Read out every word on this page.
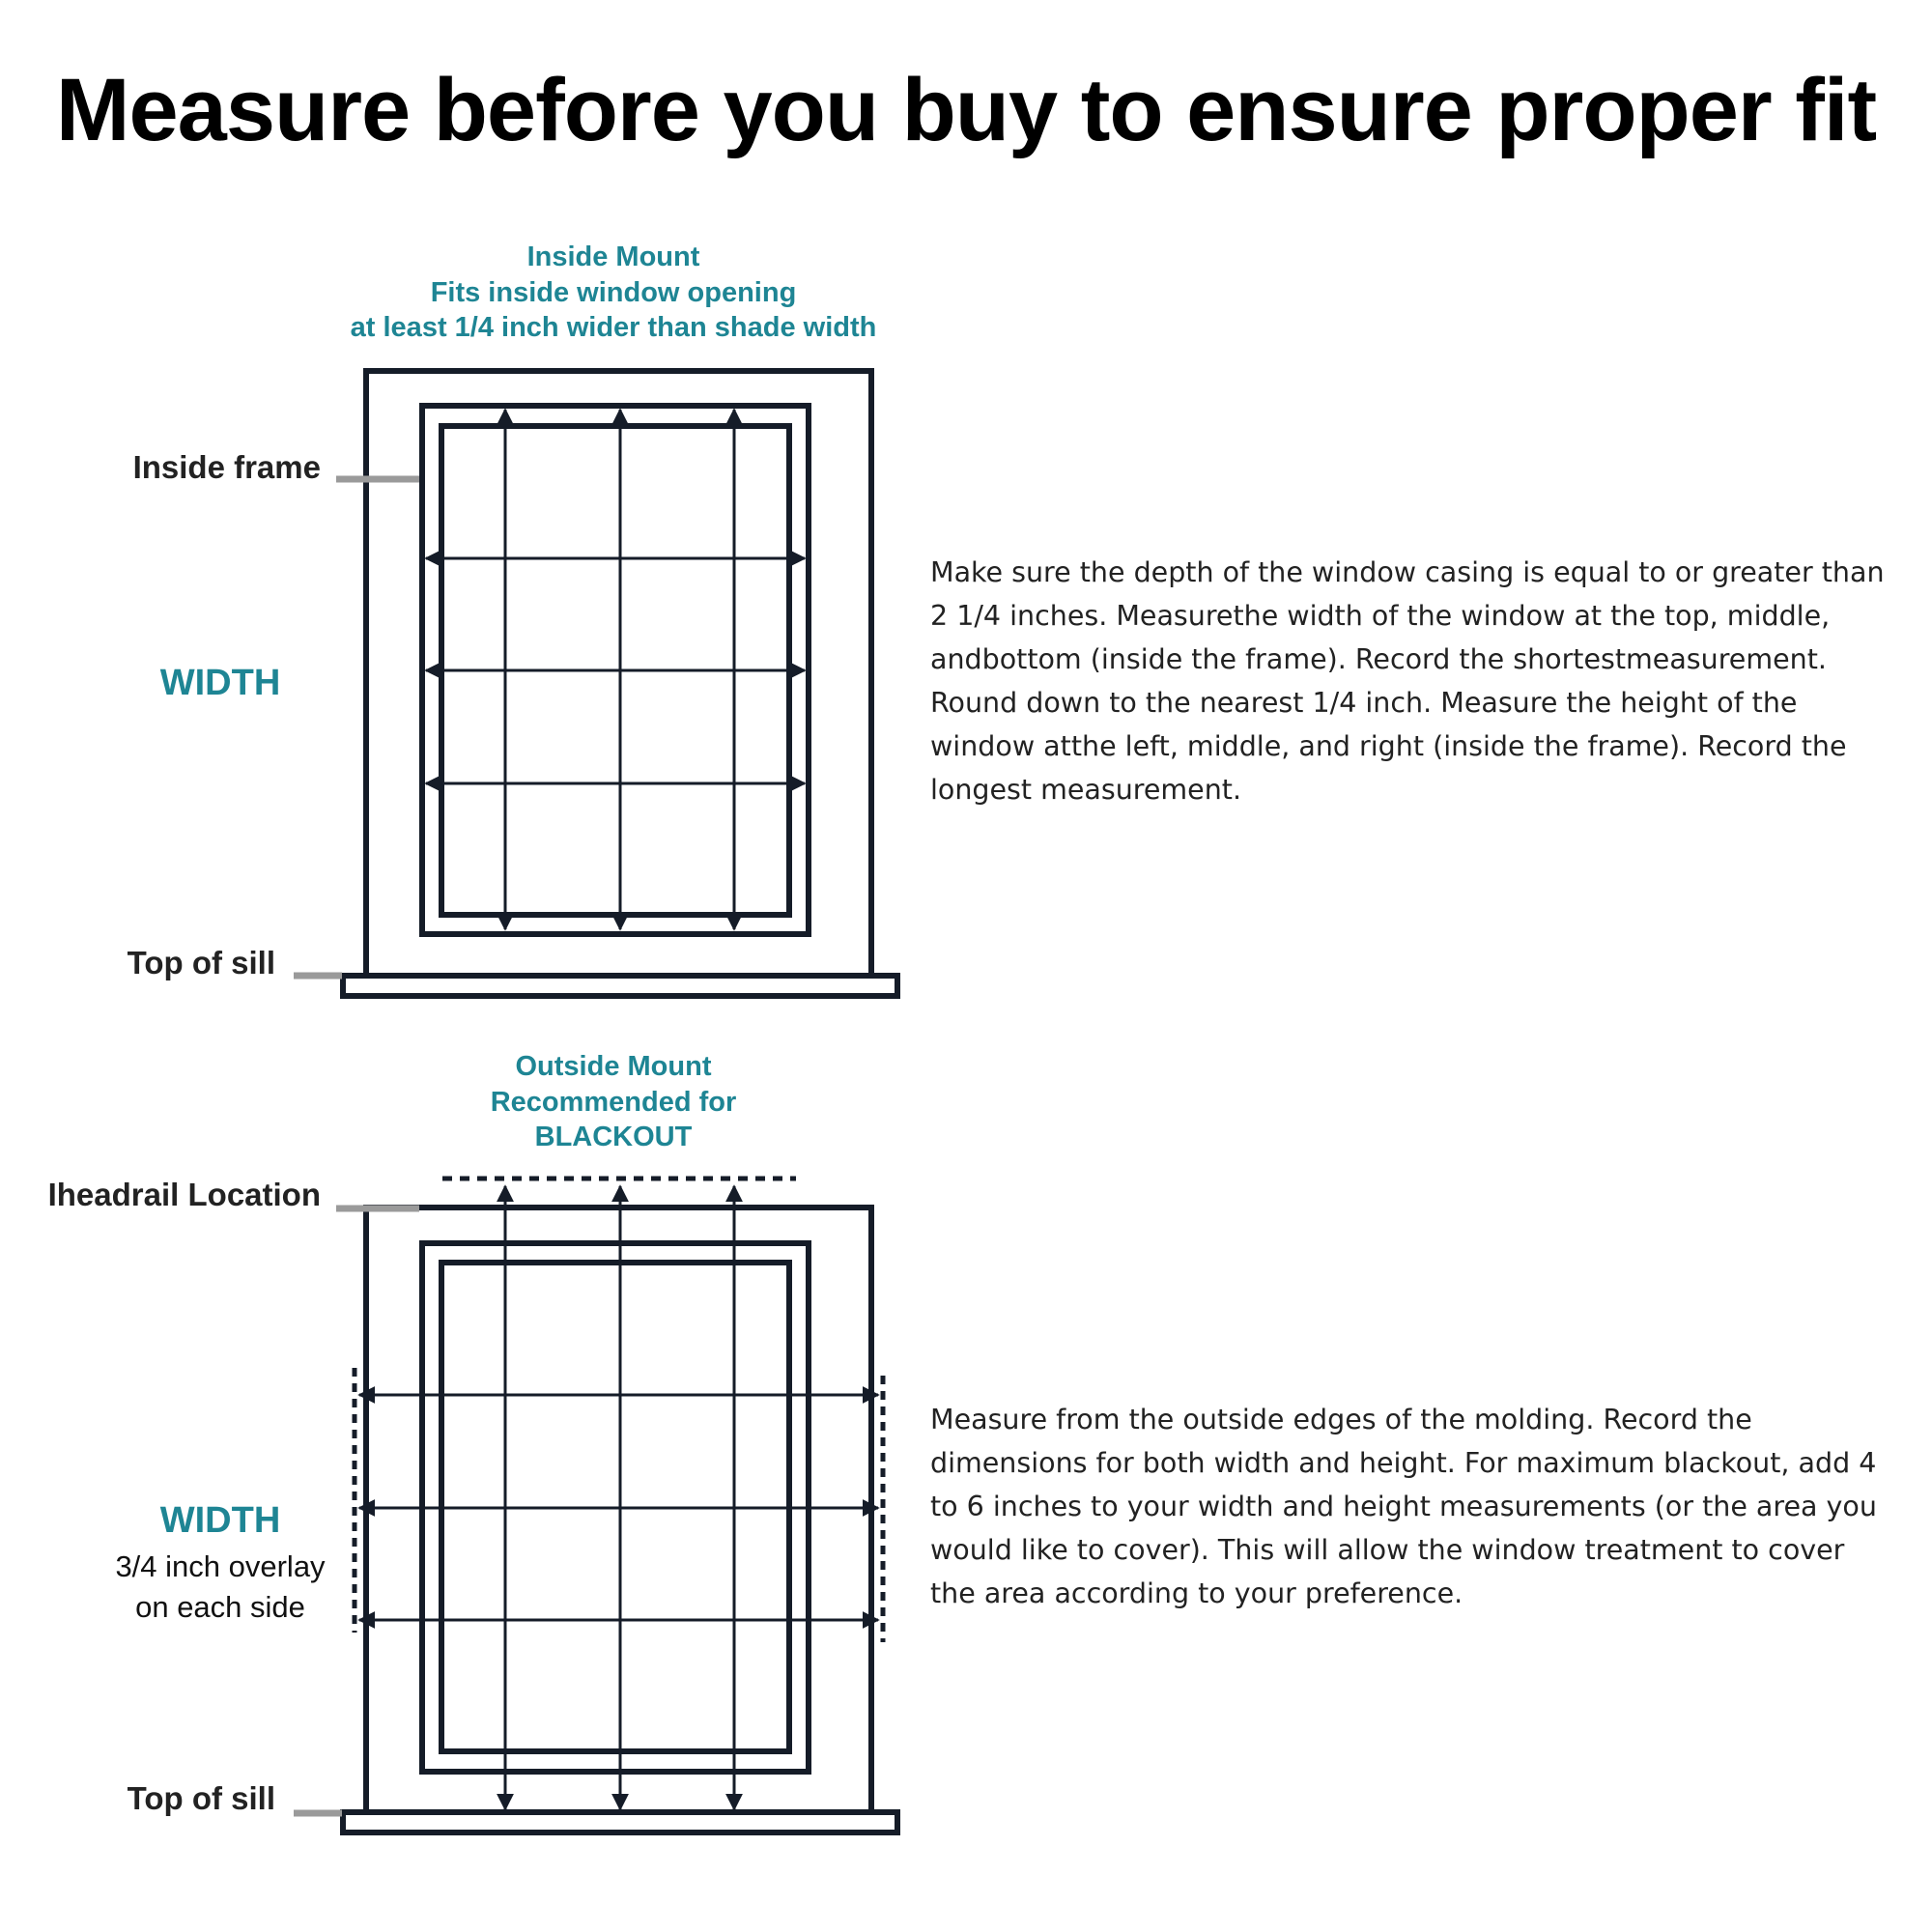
Measure before you buy to ensure proper fit
Inside Mount
Fits inside window opening
at least 1/4 inch wider than shade width
Outside Mount
Recommended for
BLACKOUT
Inside frame
WIDTH
Top of sill
Iheadrail Location
WIDTH
3/4 inch overlay
on each side
Top of sill

Make sure the depth of the window casing is equal to or greater than 2 1/4 inches. Measurethe width of the window at the top, middle, andbottom (inside the frame). Record the shortestmeasurement. Round down to the nearest 1/4 inch. Measure the height of the window atthe left, middle, and right (inside the frame). Record the longest measurement.

Measure from the outside edges of the molding. Record the dimensions for both width and height. For maximum blackout, add 4 to 6 inches to your width and height measurements (or the area you would like to cover). This will allow the window treatment to cover the area according to your preference.
